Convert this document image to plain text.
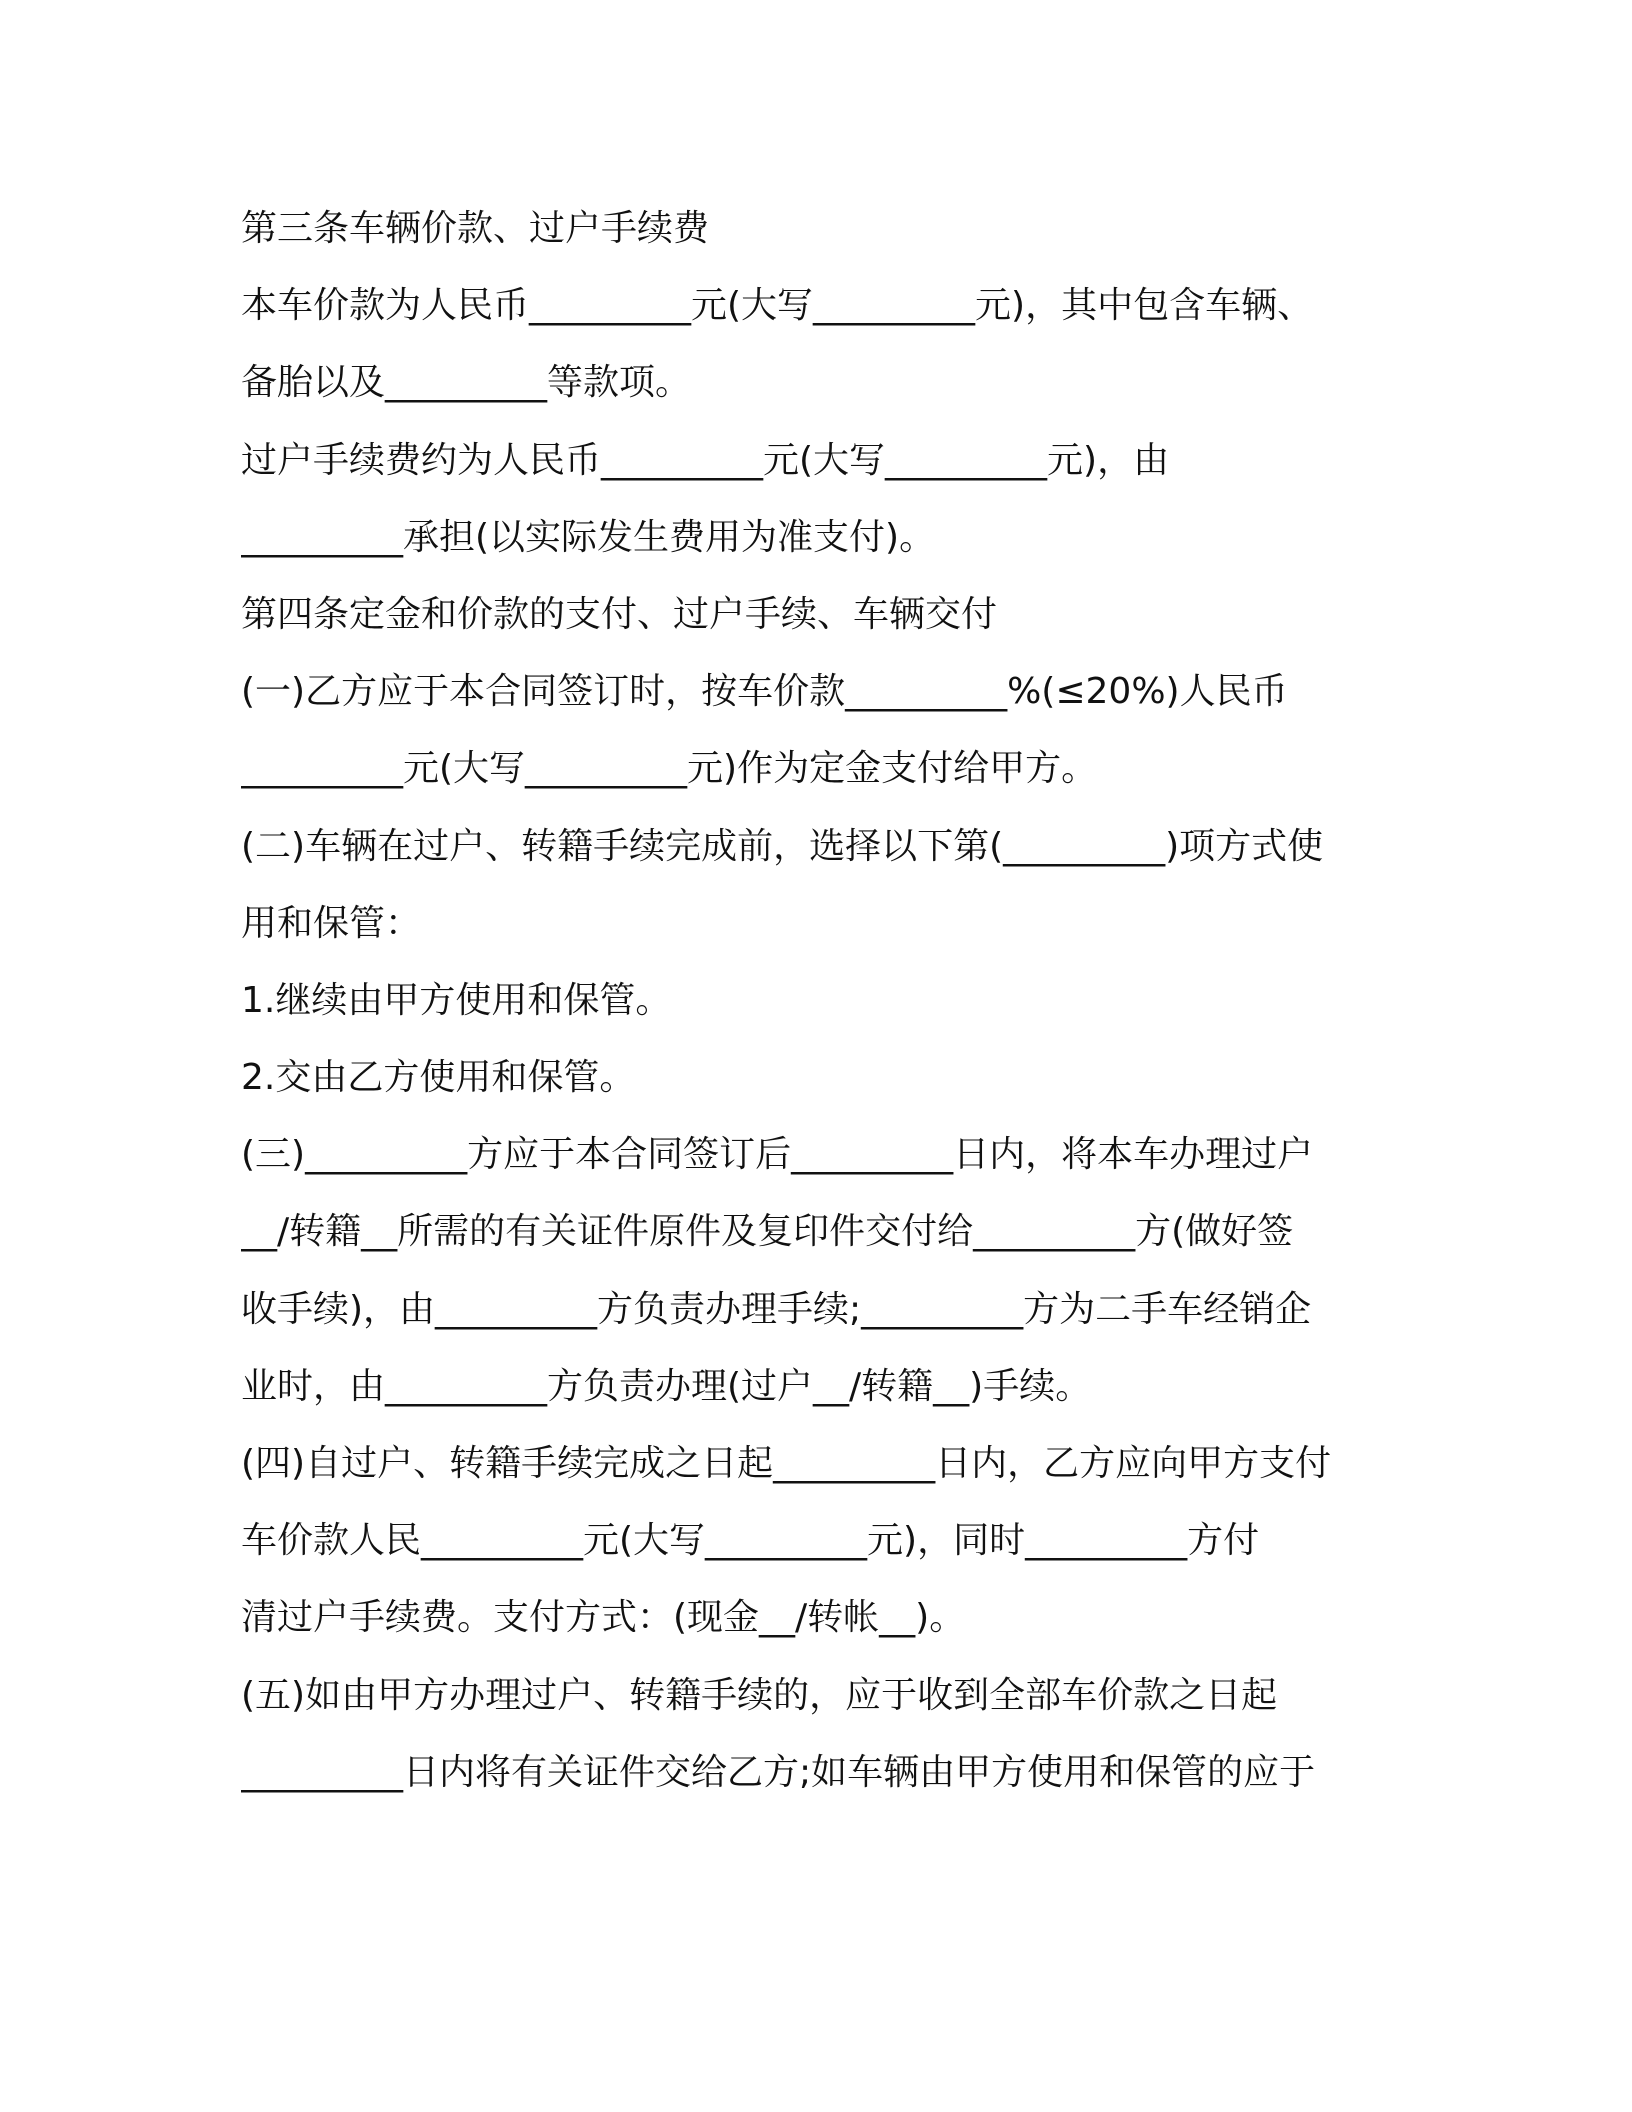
第三条车辆价款、过户手续费
本车价款为人民币_________元(大写_________元)，其中包含车辆、
备胎以及_________等款项。
过户手续费约为人民币_________元(大写_________元)，由
_________承担(以实际发生费用为准支付)。
第四条定金和价款的支付、过户手续、车辆交付
(一)乙方应于本合同签订时，按车价款_________%(≤20%)人民币
_________元(大写_________元)作为定金支付给甲方。
(二)车辆在过户、转籍手续完成前，选择以下第(_________)项方式使
用和保管：
1.继续由甲方使用和保管。
2.交由乙方使用和保管。
(三)_________方应于本合同签订后_________日内，将本车办理过户
__/转籍__所需的有关证件原件及复印件交付给_________方(做好签
收手续)，由_________方负责办理手续;_________方为二手车经销企
业时，由_________方负责办理(过户__/转籍__)手续。
(四)自过户、转籍手续完成之日起_________日内，乙方应向甲方支付
车价款人民_________元(大写_________元)，同时_________方付
清过户手续费。支付方式：(现金__/转帐__)。
(五)如由甲方办理过户、转籍手续的，应于收到全部车价款之日起
_________日内将有关证件交给乙方;如车辆由甲方使用和保管的应于
